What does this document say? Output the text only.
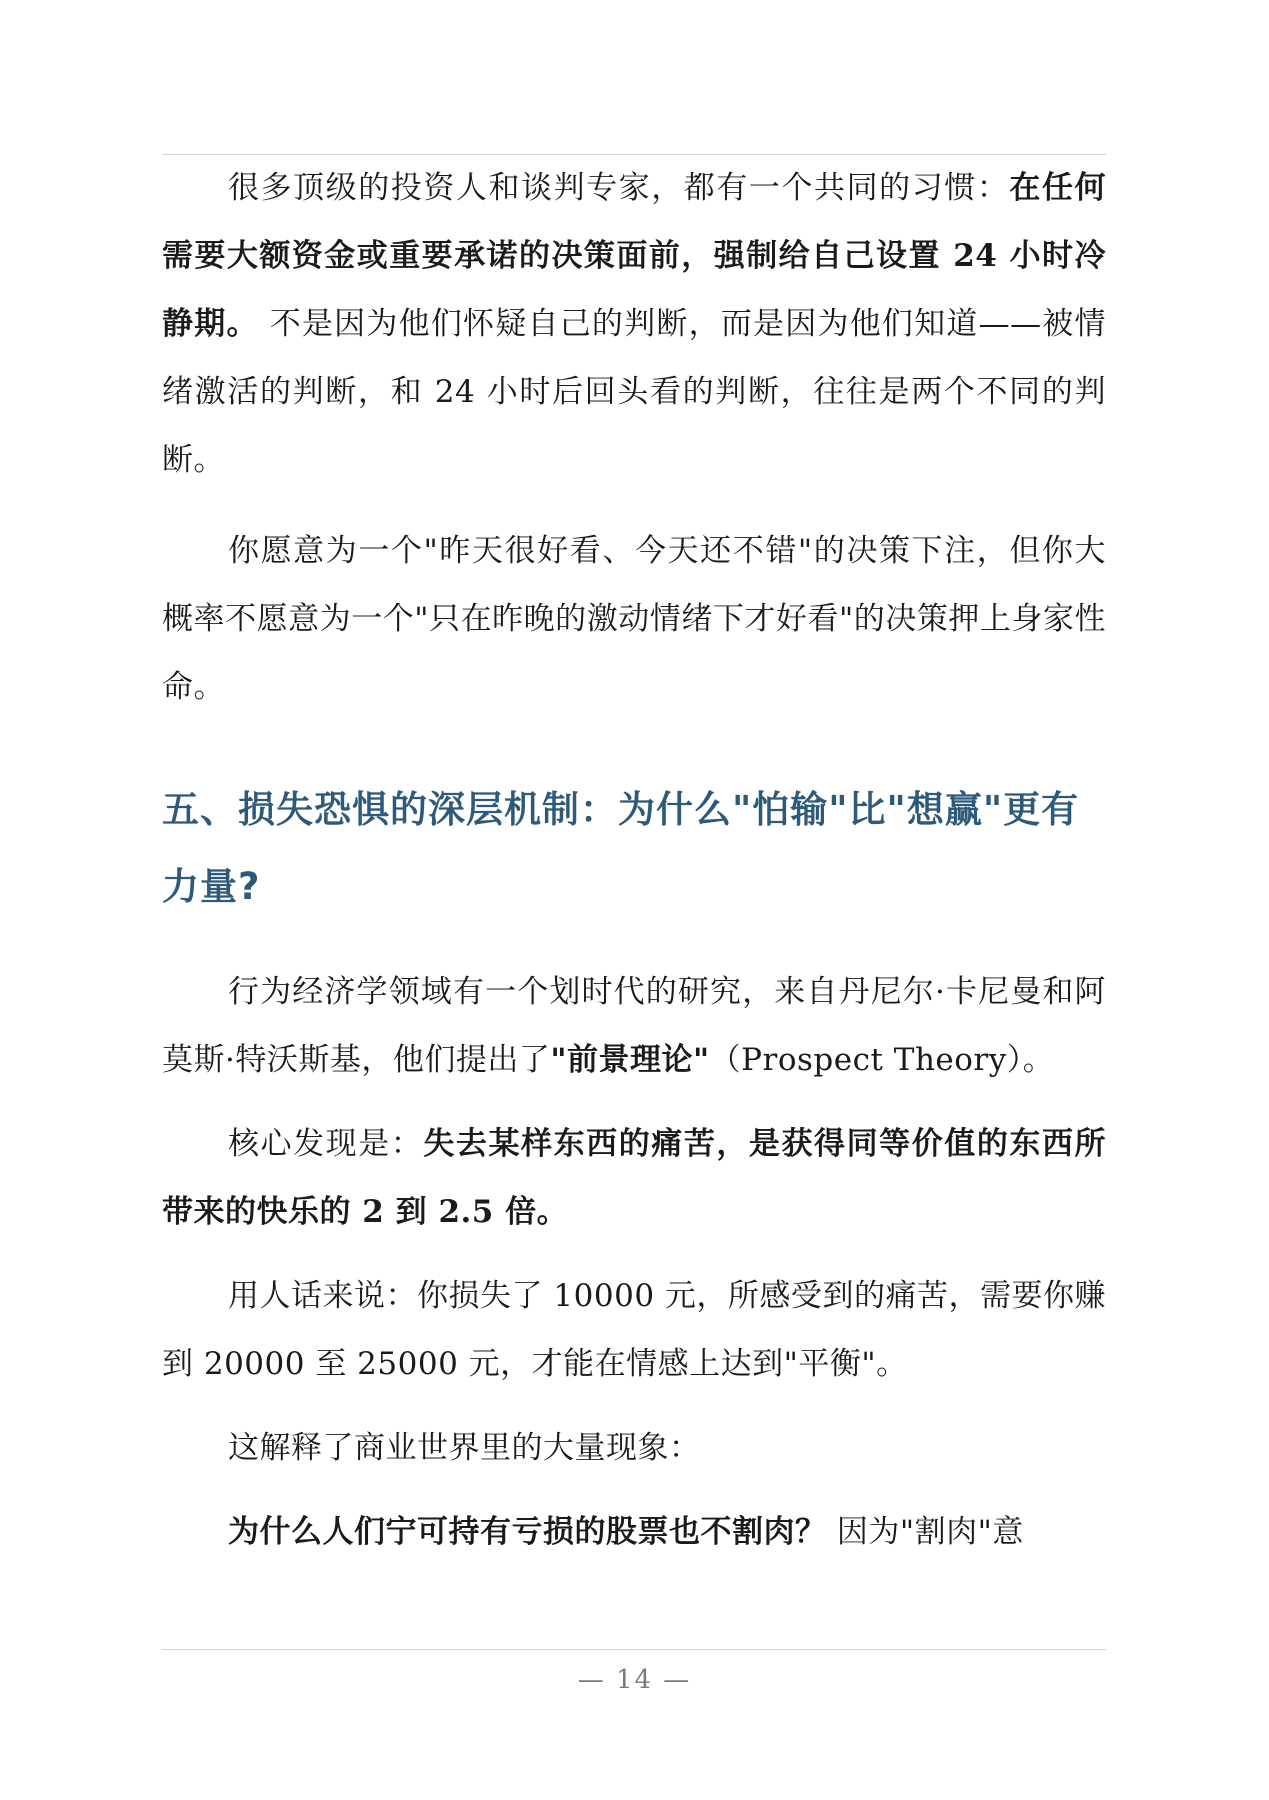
很多顶级的投资人和谈判专家，都有一个共同的习惯：在任何需要大额资金或重要承诺的决策面前，强制给自己设置 24 小时冷静期。 不是因为他们怀疑自己的判断，而是因为他们知道——被情绪激活的判断，和 24 小时后回头看的判断，往往是两个不同的判断。

你愿意为一个"昨天很好看、今天还不错"的决策下注，但你大概率不愿意为一个"只在昨晚的激动情绪下才好看"的决策押上身家性命。

五、损失恐惧的深层机制：为什么"怕输"比"想赢"更有力量?

行为经济学领域有一个划时代的研究，来自丹尼尔·卡尼曼和阿莫斯·特沃斯基，他们提出了"前景理论"（Prospect Theory）。

核心发现是：失去某样东西的痛苦，是获得同等价值的东西所带来的快乐的 2 到 2.5 倍。

用人话来说：你损失了 10000 元，所感受到的痛苦，需要你赚到 20000 至 25000 元，才能在情感上达到"平衡"。

这解释了商业世界里的大量现象：

为什么人们宁可持有亏损的股票也不割肉？ 因为"割肉"意

— 14 —
